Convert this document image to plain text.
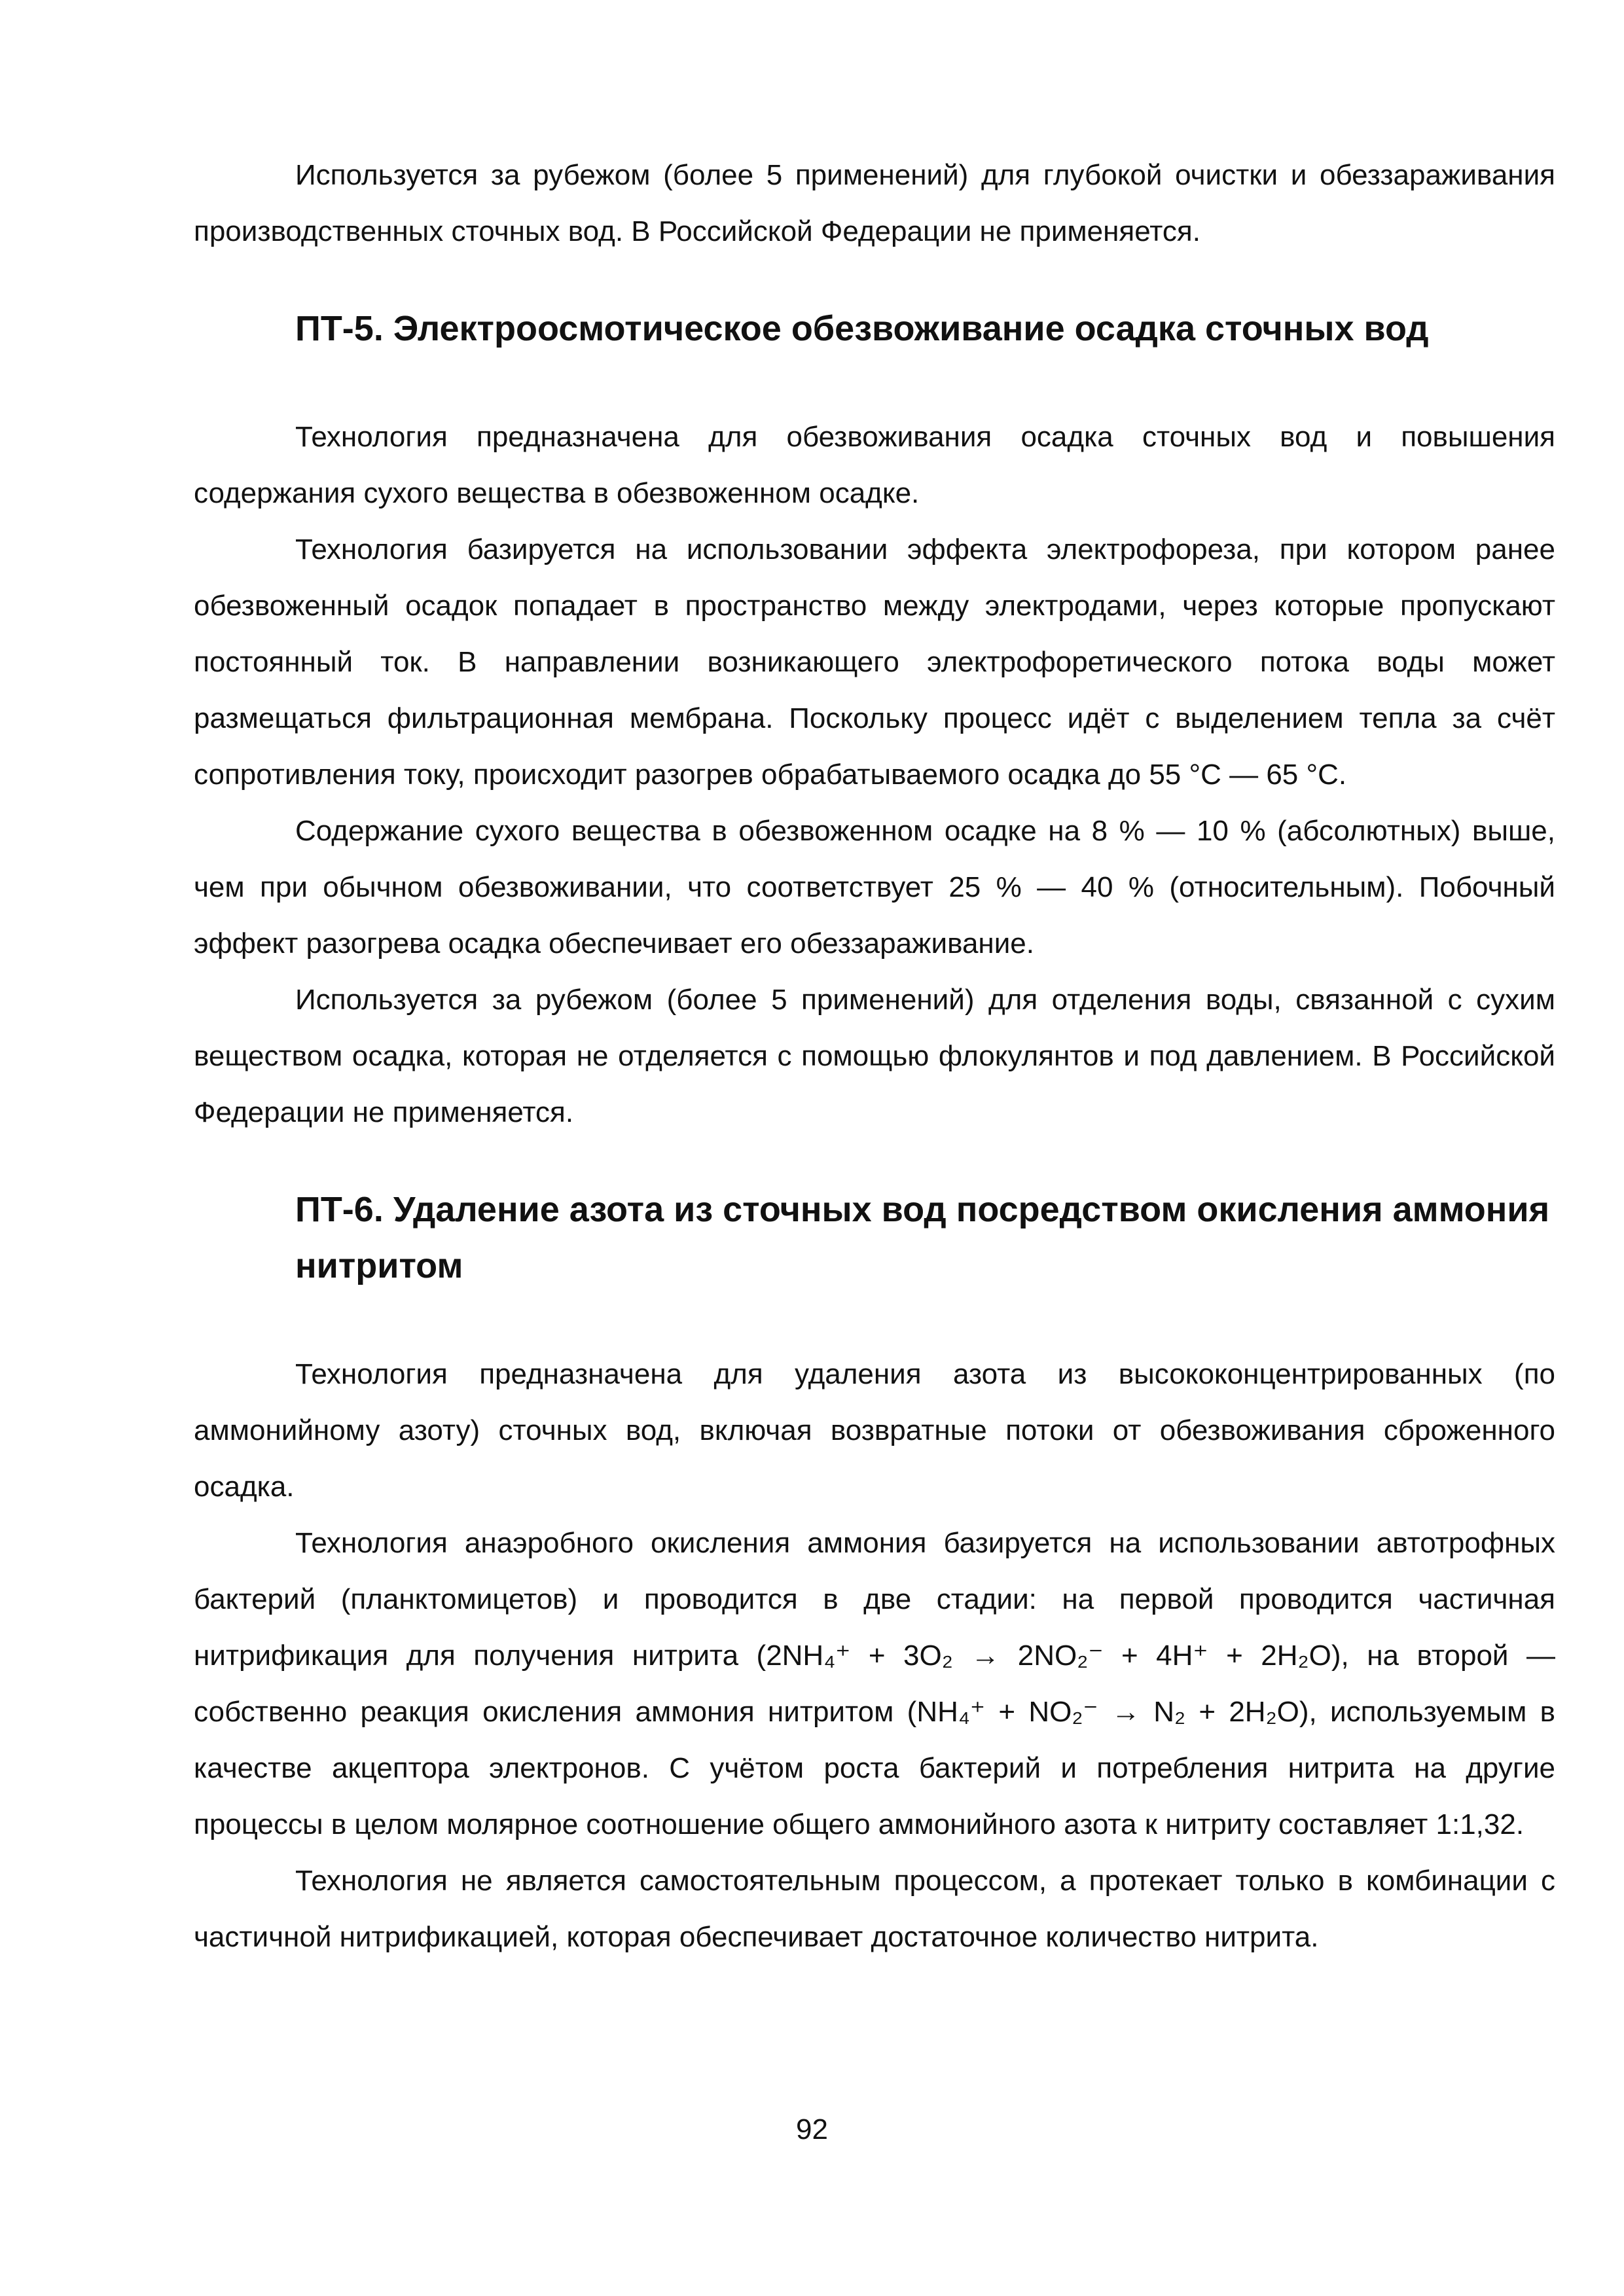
Используется за рубежом (более 5 применений) для глубокой очистки и обеззараживания производственных сточных вод. В Российской Федерации не применяется.

ПТ-5. Электроосмотическое обезвоживание осадка сточных вод

Технология предназначена для обезвоживания осадка сточных вод и повышения содержания сухого вещества в обезвоженном осадке.

Технология базируется на использовании эффекта электрофореза, при котором ранее обезвоженный осадок попадает в пространство между электродами, через которые пропускают постоянный ток. В направлении возникающего электрофоретического потока воды может размещаться фильтрационная мембрана. Поскольку процесс идёт с выделением тепла за счёт сопротивления току, происходит разогрев обрабатываемого осадка до 55 °С — 65 °С.

Содержание сухого вещества в обезвоженном осадке на 8 % — 10 % (абсолютных) выше, чем при обычном обезвоживании, что соответствует 25 % — 40 % (относительным). Побочный эффект разогрева осадка обеспечивает его обеззараживание.

Используется за рубежом (более 5 применений) для отделения воды, связанной с сухим веществом осадка, которая не отделяется с помощью флокулянтов и под давлением. В Российской Федерации не применяется.

ПТ-6. Удаление азота из сточных вод посредством окисления аммония нитритом

Технология предназначена для удаления азота из высококонцентрированных (по аммонийному азоту) сточных вод, включая возвратные потоки от обезвоживания сброженного осадка.

Технология анаэробного окисления аммония базируется на использовании автотрофных бактерий (планктомицетов) и проводится в две стадии: на первой проводится частичная нитрификация для получения нитрита (2NH₄⁺ + 3O₂ → 2NO₂⁻ + 4H⁺ + 2H₂O), на второй — собственно реакция окисления аммония нитритом (NH₄⁺ + NO₂⁻ → N₂ + 2H₂O), используемым в качестве акцептора электронов. С учётом роста бактерий и потребления нитрита на другие процессы в целом молярное соотношение общего аммонийного азота к нитриту составляет 1:1,32.

Технология не является самостоятельным процессом, а протекает только в комбинации с частичной нитрификацией, которая обеспечивает достаточное количество нитрита.

92
